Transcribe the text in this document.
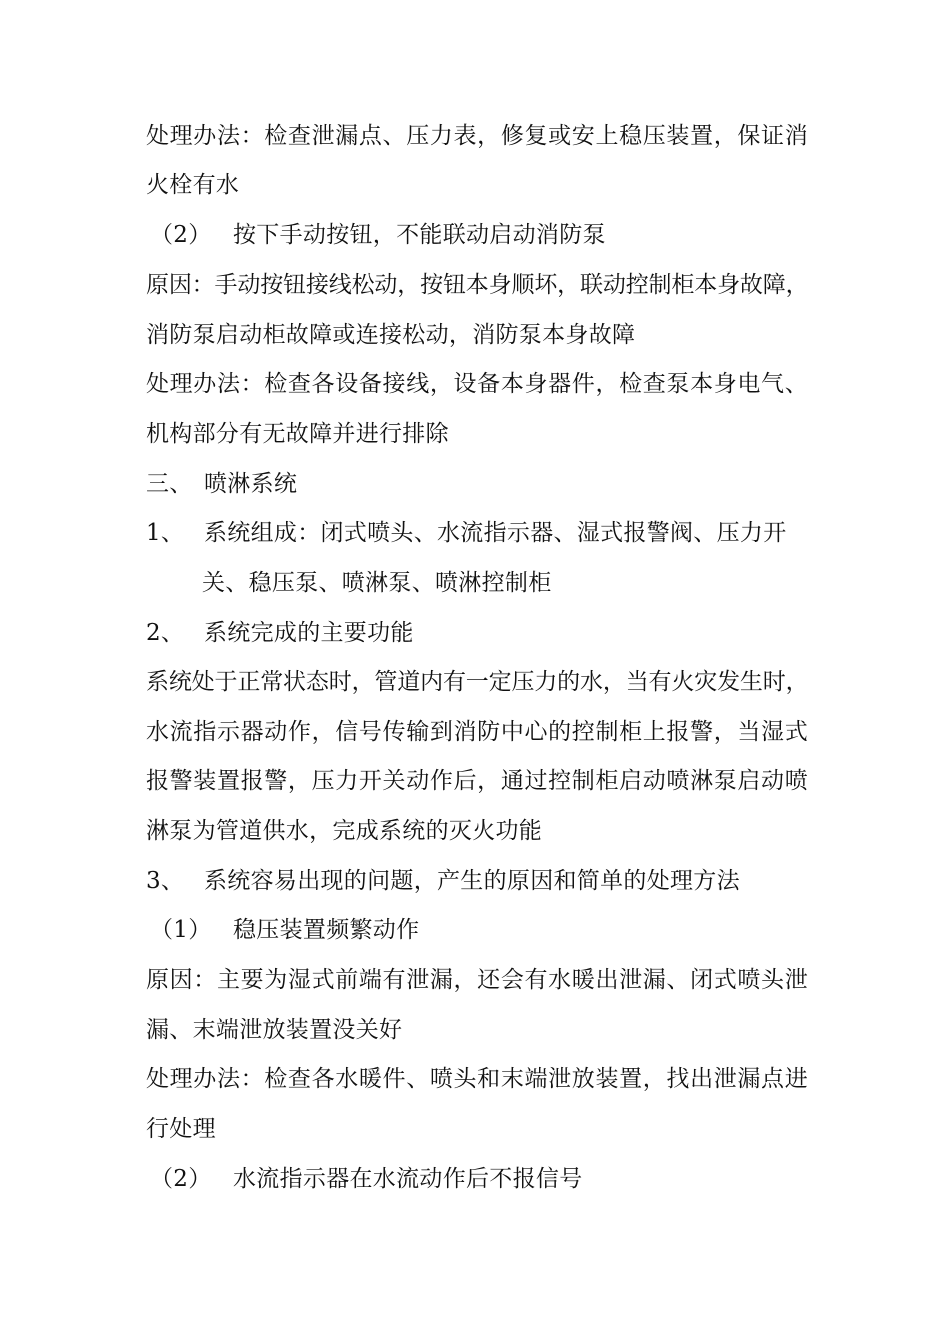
处理办法：检查泄漏点、压力表，修复或安上稳压装置，保证消
火栓有水
（2） 按下手动按钮，不能联动启动消防泵
原因：手动按钮接线松动，按钮本身顺坏，联动控制柜本身故障，
消防泵启动柜故障或连接松动，消防泵本身故障
处理办法：检查各设备接线，设备本身器件，检查泵本身电气、
机构部分有无故障并进行排除
三、 喷淋系统
1、 系统组成：闭式喷头、水流指示器、湿式报警阀、压力开
关、稳压泵、喷淋泵、喷淋控制柜
2、 系统完成的主要功能
系统处于正常状态时，管道内有一定压力的水，当有火灾发生时，
水流指示器动作，信号传输到消防中心的控制柜上报警，当湿式
报警装置报警，压力开关动作后，通过控制柜启动喷淋泵启动喷
淋泵为管道供水，完成系统的灭火功能
3、 系统容易出现的问题，产生的原因和简单的处理方法
（1） 稳压装置频繁动作
原因：主要为湿式前端有泄漏，还会有水暖出泄漏、闭式喷头泄
漏、末端泄放装置没关好
处理办法：检查各水暖件、喷头和末端泄放装置，找出泄漏点进
行处理
（2） 水流指示器在水流动作后不报信号
